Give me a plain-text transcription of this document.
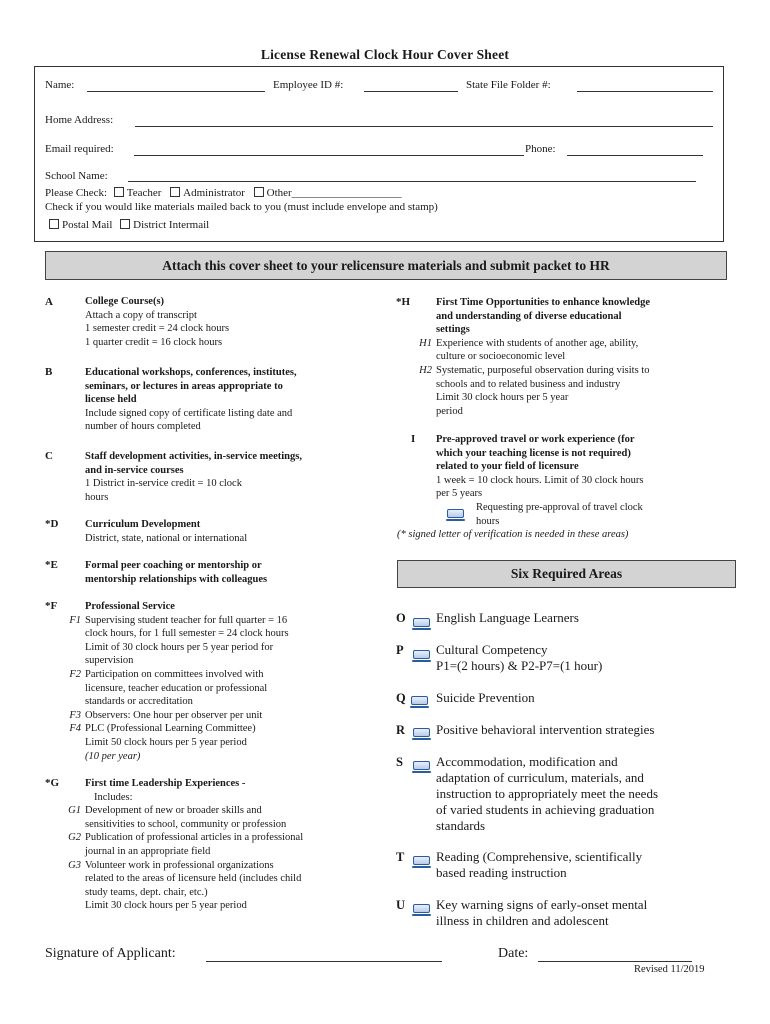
License Renewal Clock Hour Cover Sheet
Name:	Employee ID #:	State File Folder #:
Home Address:
Email required:	Phone:
School Name:
Please Check: Teacher Administrator Other____________________
Check if you would like materials mailed back to you (must include envelope and stamp)
Postal Mail District Intermail
Attach this cover sheet to your relicensure materials and submit packet to HR
A	College Course(s)
Attach a copy of transcript
1 semester credit = 24 clock hours
1 quarter credit = 16 clock hours
B	Educational workshops, conferences, institutes,
seminars, or lectures in areas appropriate to
license held
Include signed copy of certificate listing date and
number of hours completed
C	Staff development activities, in-service meetings,
and in-service courses
1 District in-service credit = 10 clock
hours
*D	Curriculum Development
District, state, national or international
*E	Formal peer coaching or mentorship or
mentorship relationships with colleagues
*F	Professional Service
F1 Supervising student teacher for full quarter = 16
clock hours, for 1 full semester = 24 clock hours
Limit of 30 clock hours per 5 year period for
supervision
F2 Participation on committees involved with
licensure, teacher education or professional
standards or accreditation
F3 Observers: One hour per observer per unit
F4 PLC (Professional Learning Committee)
Limit 50 clock hours per 5 year period
(10 per year)
*G First time Leadership Experiences -
Includes:
G1 Development of new or broader skills and
sensitivities to school, community or profession
G2 Publication of professional articles in a professional
journal in an appropriate field
G3 Volunteer work in professional organizations
related to the areas of licensure held (includes child
study teams, dept. chair, etc.)
Limit 30 clock hours per 5 year period
*H First Time Opportunities to enhance knowledge
and understanding of diverse educational
settings
H1 Experience with students of another age, ability,
culture or socioeconomic level
H2 Systematic, purposeful observation during visits to
schools and to related business and industry
Limit 30 clock hours per 5 year
period
I Pre-approved travel or work experience (for
which your teaching license is not required)
related to your field of licensure
1 week = 10 clock hours. Limit of 30 clock hours
per 5 years
Requesting pre-approval of travel clock
hours
(* signed letter of verification is needed in these areas)
Six Required Areas
O English Language Learners
P Cultural Competency
P1=(2 hours) & P2-P7=(1 hour)
Q Suicide Prevention
R Positive behavioral intervention strategies
S	Accommodation, modification and
adaptation of curriculum, materials, and
instruction to appropriately meet the needs
of varied students in achieving graduation
standards
T Reading (Comprehensive, scientifically
based reading instruction
U Key warning signs of early-onset mental
illness in children and adolescent
Signature of Applicant:	Date:
Revised 11/2019
